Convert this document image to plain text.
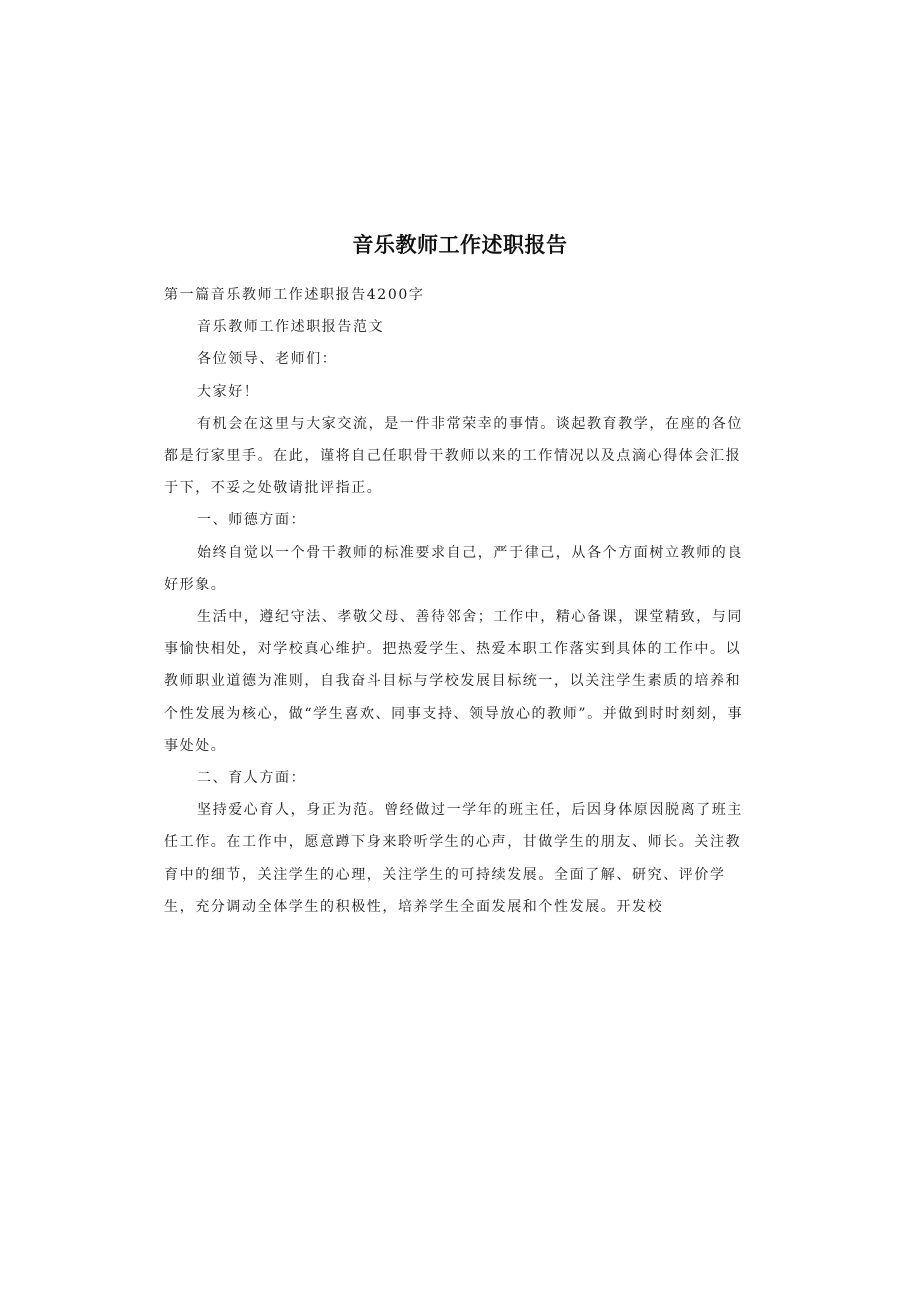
音乐教师工作述职报告

第一篇音乐教师工作述职报告4200字

音乐教师工作述职报告范文

各位领导、老师们：

大家好！

有机会在这里与大家交流，是一件非常荣幸的事情。谈起教育教学，在座的各位都是行家里手。在此，谨将自己任职骨干教师以来的工作情况以及点滴心得体会汇报于下，不妥之处敬请批评指正。

一、师德方面：

始终自觉以一个骨干教师的标准要求自己，严于律己，从各个方面树立教师的良好形象。

生活中，遵纪守法、孝敬父母、善待邻舍；工作中，精心备课，课堂精致，与同事愉快相处，对学校真心维护。把热爱学生、热爱本职工作落实到具体的工作中。以教师职业道德为准则，自我奋斗目标与学校发展目标统一，以关注学生素质的培养和个性发展为核心，做“学生喜欢、同事支持、领导放心的教师”。并做到时时刻刻，事事处处。

二、育人方面：

坚持爱心育人，身正为范。曾经做过一学年的班主任，后因身体原因脱离了班主任工作。在工作中，愿意蹲下身来聆听学生的心声，甘做学生的朋友、师长。关注教育中的细节，关注学生的心理，关注学生的可持续发展。全面了解、研究、评价学生，充分调动全体学生的积极性，培养学生全面发展和个性发展。开发校
